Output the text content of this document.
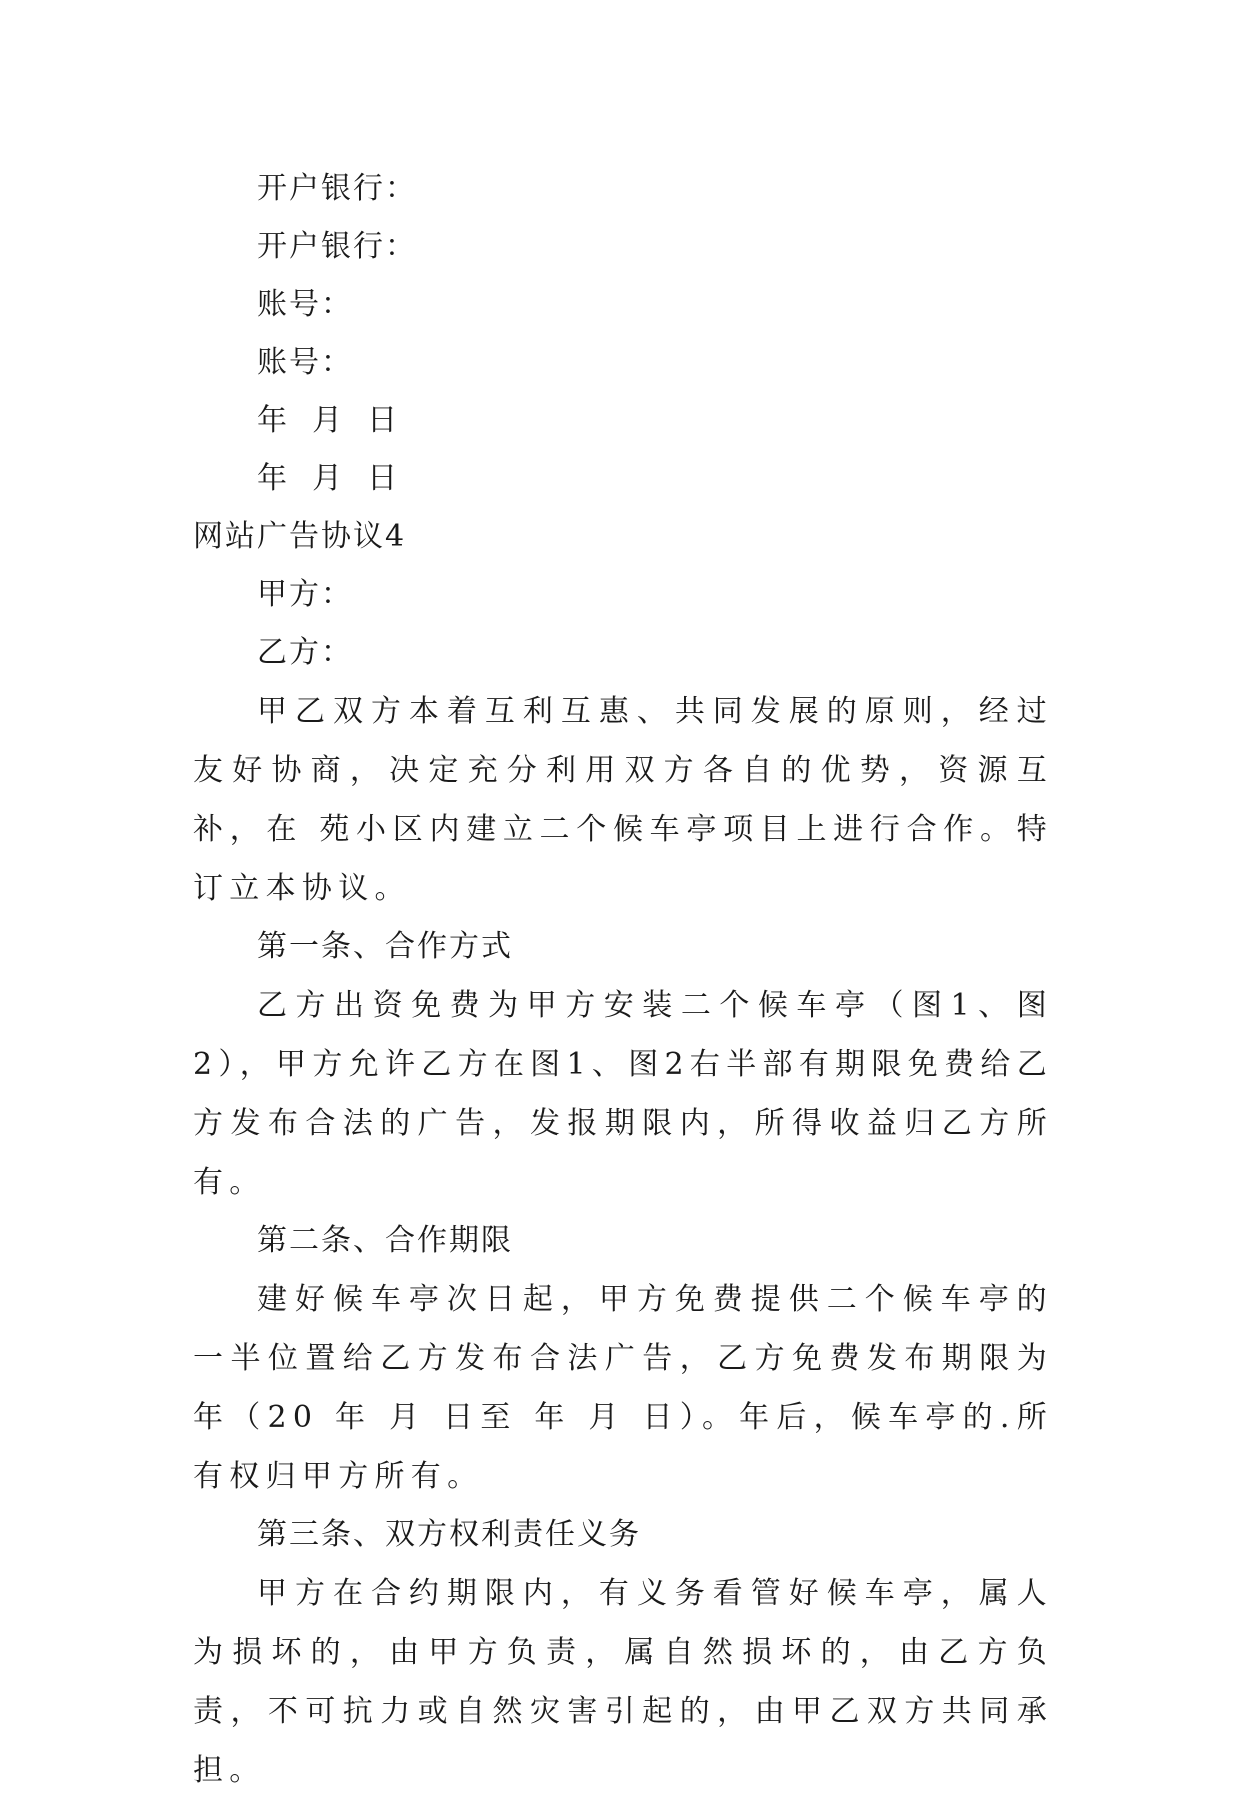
开户银行：
开户银行：
账号：
账号：
年  月  日
年  月  日
网站广告协议4
甲方：
乙方：

甲乙双方本着互利互惠、共同发展的原则，经过友好协商，决定充分利用双方各自的优势，资源互补，在 苑小区内建立二个候车亭项目上进行合作。特订立本协议。

第一条、合作方式

乙方出资免费为甲方安装二个候车亭（图1、图2），甲方允许乙方在图1、图2右半部有期限免费给乙方发布合法的广告，发报期限内，所得收益归乙方所有。

第二条、合作期限

建好候车亭次日起，甲方免费提供二个候车亭的一半位置给乙方发布合法广告，乙方免费发布期限为年（20 年 月 日至 年 月 日）。年后，候车亭的.所有权归甲方所有。

第三条、双方权利责任义务

甲方在合约期限内，有义务看管好候车亭，属人为损坏的，由甲方负责，属自然损坏的，由乙方负责，不可抗力或自然灾害引起的，由甲乙双方共同承担。
